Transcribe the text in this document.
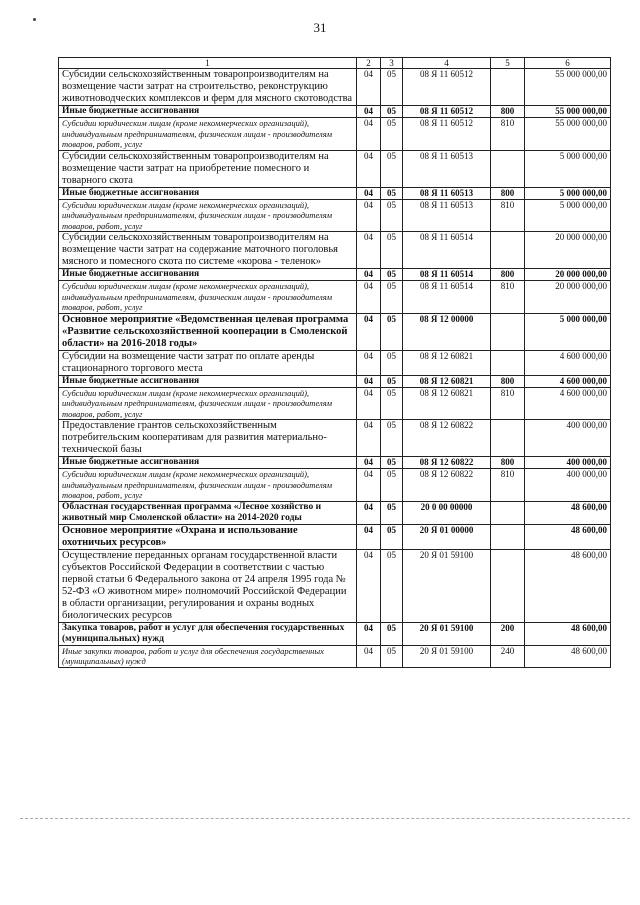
31
1	2	3	4	5	6
Субсидии сельскохозяйственным товаропроизводителям на возмещение части затрат на строительство, реконструкцию животноводческих комплексов и ферм для мясного скотоводства	04	05	08 Я 11 60512		55 000 000,00
Иные бюджетные ассигнования	04	05	08 Я 11 60512	800	55 000 000,00
Субсидии юридическим лицам (кроме некоммерческих организаций), индивидуальным предпринимателям, физическим лицам - производителям товаров, работ, услуг	04	05	08 Я 11 60512	810	55 000 000,00
Субсидии сельскохозяйственным товаропроизводителям на возмещение части затрат на приобретение помесного и товарного скота	04	05	08 Я 11 60513		5 000 000,00
Иные бюджетные ассигнования	04	05	08 Я 11 60513	800	5 000 000,00
Субсидии юридическим лицам (кроме некоммерческих организаций), индивидуальным предпринимателям, физическим лицам - производителям товаров, работ, услуг	04	05	08 Я 11 60513	810	5 000 000,00
Субсидии сельскохозяйственным товаропроизводителям на возмещение части затрат на содержание маточного поголовья мясного и помесного скота по системе «корова - теленок»	04	05	08 Я 11 60514		20 000 000,00
Иные бюджетные ассигнования	04	05	08 Я 11 60514	800	20 000 000,00
Субсидии юридическим лицам (кроме некоммерческих организаций), индивидуальным предпринимателям, физическим лицам - производителям товаров, работ, услуг	04	05	08 Я 11 60514	810	20 000 000,00
Основное мероприятие «Ведомственная целевая программа «Развитие сельскохозяйственной кооперации в Смоленской области» на 2016-2018 годы»	04	05	08 Я 12 00000		5 000 000,00
Субсидии на возмещение части затрат по оплате аренды стационарного торгового места	04	05	08 Я 12 60821		4 600 000,00
Иные бюджетные ассигнования	04	05	08 Я 12 60821	800	4 600 000,00
Субсидии юридическим лицам (кроме некоммерческих организаций), индивидуальным предпринимателям, физическим лицам - производителям товаров, работ, услуг	04	05	08 Я 12 60821	810	4 600 000,00
Предоставление грантов сельскохозяйственным потребительским кооперативам для развития материально-технической базы	04	05	08 Я 12 60822		400 000,00
Иные бюджетные ассигнования	04	05	08 Я 12 60822	800	400 000,00
Субсидии юридическим лицам (кроме некоммерческих организаций), индивидуальным предпринимателям, физическим лицам - производителям товаров, работ, услуг	04	05	08 Я 12 60822	810	400 000,00
Областная государственная программа «Лесное хозяйство и животный мир Смоленской области» на 2014-2020 годы	04	05	20 0 00 00000		48 600,00
Основное мероприятие «Охрана и использование охотничьих ресурсов»	04	05	20 Я 01 00000		48 600,00
Осуществление переданных органам государственной власти субъектов Российской Федерации в соответствии с частью первой статьи 6 Федерального закона от 24 апреля 1995 года № 52-ФЗ «О животном мире» полномочий Российской Федерации в области организации, регулирования и охраны водных биологических ресурсов	04	05	20 Я 01 59100		48 600,00
Закупка товаров, работ и услуг для обеспечения государственных (муниципальных) нужд	04	05	20 Я 01 59100	200	48 600,00
Иные закупки товаров, работ и услуг для обеспечения государственных (муниципальных) нужд	04	05	20 Я 01 59100	240	48 600,00
